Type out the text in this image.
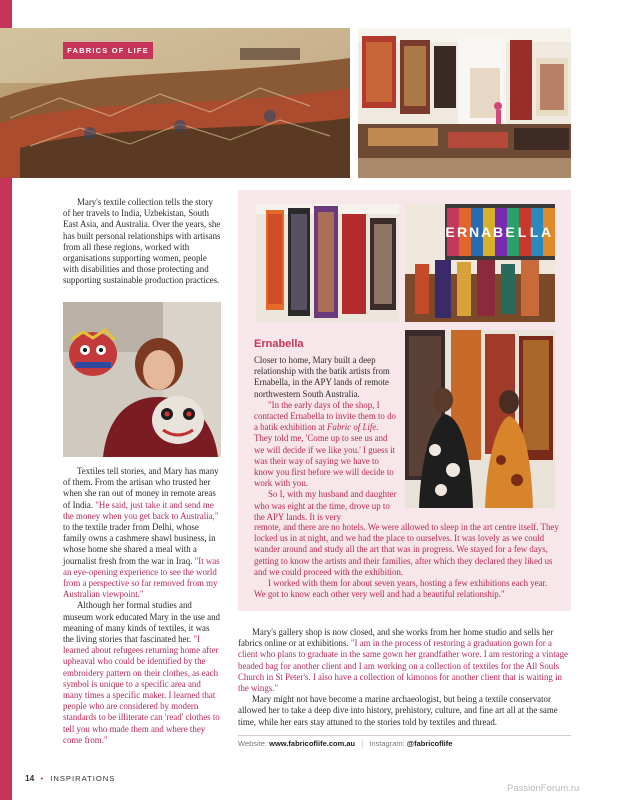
FABRICS OF LIFE

Mary's textile collection tells the story of her travels to India, Uzbekistan, South East Asia, and Australia. Over the years, she has built personal relationships with artisans from all these regions, worked with organisations supporting women, people with disabilities and those protecting and supporting sustainable production practices.

Textiles tell stories, and Mary has many of them. From the artisan who trusted her when she ran out of money in remote areas of India. "He said, just take it and send me the money when you get back to Australia," to the textile trader from Delhi, whose family owns a cashmere shawl business, in whose home she shared a meal with a journalist fresh from the war in Iraq. "It was an eye-opening experience to see the world from a perspective so far removed from my Australian viewpoint."

Although her formal studies and museum work educated Mary in the use and meaning of many kinds of textiles, it was the living stories that fascinated her. "I learned about refugees returning home after upheaval who could be identified by the embroidery pattern on their clothes, as each symbol is unique to a specific area and many times a specific maker. I learned that people who are considered by modern standards to be illiterate can 'read' clothes to tell you who made them and where they come from."

E R N A B E L L A
Ernabella

Closer to home, Mary built a deep relationship with the batik artists from Ernabella, in the APY lands of remote northwestern South Australia.

"In the early days of the shop, I contacted Ernabella to invite them to do a batik exhibition at Fabric of Life. They told me, 'Come up to see us and we will decide if we like you.' I guess it was their way of saying we have to know you first before we will decide to work with you.

So I, with my husband and daughter who was eight at the time, drove up to the APY lands. It is very

remote, and there are no hotels. We were allowed to sleep in the art centre itself. They locked us in at night, and we had the place to ourselves. It was lovely as we could wander around and study all the art that was in progress. We stayed for a few days, getting to know the artists and their families, after which they declared they liked us and we could proceed with the exhibition.

I worked with them for about seven years, hosting a few exhibitions each year. We got to know each other very well and had a beautiful relationship."

Mary's gallery shop is now closed, and she works from her home studio and sells her fabrics online or at exhibitions. "I am in the process of restoring a graduation gown for a client who plans to graduate in the same gown her grandfather wore. I am restoring a vintage beaded bag for another client and I am working on a collection of textiles for the All Souls Church in St Peter's. I also have a collection of kimonos for another client that is waiting in the wings."

Mary might not have become a marine archaeologist, but being a textile conservator allowed her to take a deep dive into history, prehistory, culture, and fine art all at the same time, while her ears stay attuned to the stories told by textiles and thread.

Website: www.fabricoflife.com.au | Instagram: @fabricoflife
14 • INSPIRATIONS
PassionForum.ru
